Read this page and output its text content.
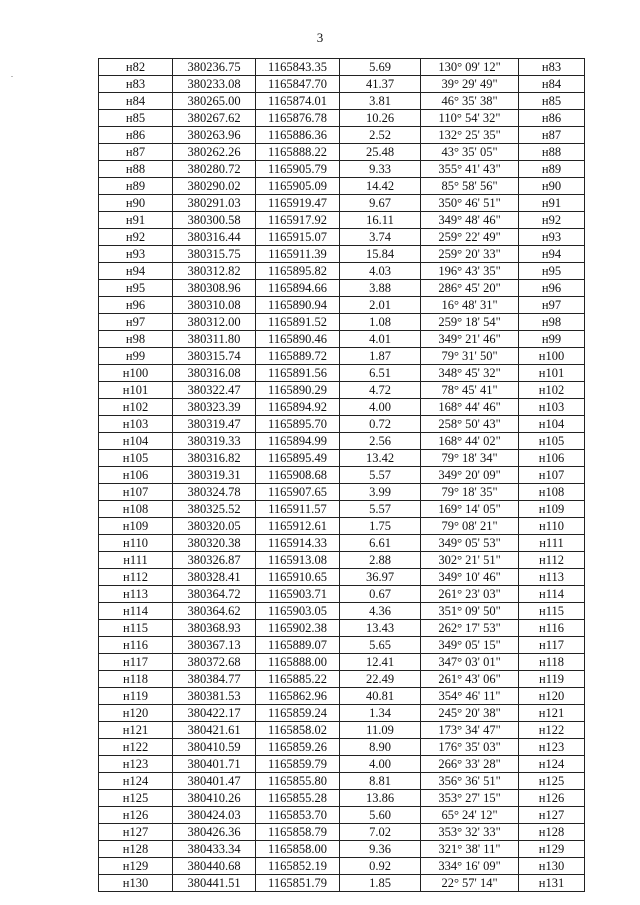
3
н82	380236.75	1165843.35	5.69	130° 09' 12"	н83
н83	380233.08	1165847.70	41.37	39° 29' 49"	н84
н84	380265.00	1165874.01	3.81	46° 35' 38"	н85
н85	380267.62	1165876.78	10.26	110° 54' 32"	н86
н86	380263.96	1165886.36	2.52	132° 25' 35"	н87
н87	380262.26	1165888.22	25.48	43° 35' 05"	н88
н88	380280.72	1165905.79	9.33	355° 41' 43"	н89
н89	380290.02	1165905.09	14.42	85° 58' 56"	н90
н90	380291.03	1165919.47	9.67	350° 46' 51"	н91
н91	380300.58	1165917.92	16.11	349° 48' 46"	н92
н92	380316.44	1165915.07	3.74	259° 22' 49"	н93
н93	380315.75	1165911.39	15.84	259° 20' 33"	н94
н94	380312.82	1165895.82	4.03	196° 43' 35"	н95
н95	380308.96	1165894.66	3.88	286° 45' 20"	н96
н96	380310.08	1165890.94	2.01	16° 48' 31"	н97
н97	380312.00	1165891.52	1.08	259° 18' 54"	н98
н98	380311.80	1165890.46	4.01	349° 21' 46"	н99
н99	380315.74	1165889.72	1.87	79° 31' 50"	н100
н100	380316.08	1165891.56	6.51	348° 45' 32"	н101
н101	380322.47	1165890.29	4.72	78° 45' 41"	н102
н102	380323.39	1165894.92	4.00	168° 44' 46"	н103
н103	380319.47	1165895.70	0.72	258° 50' 43"	н104
н104	380319.33	1165894.99	2.56	168° 44' 02"	н105
н105	380316.82	1165895.49	13.42	79° 18' 34"	н106
н106	380319.31	1165908.68	5.57	349° 20' 09"	н107
н107	380324.78	1165907.65	3.99	79° 18' 35"	н108
н108	380325.52	1165911.57	5.57	169° 14' 05"	н109
н109	380320.05	1165912.61	1.75	79° 08' 21"	н110
н110	380320.38	1165914.33	6.61	349° 05' 53"	н111
н111	380326.87	1165913.08	2.88	302° 21' 51"	н112
н112	380328.41	1165910.65	36.97	349° 10' 46"	н113
н113	380364.72	1165903.71	0.67	261° 23' 03"	н114
н114	380364.62	1165903.05	4.36	351° 09' 50"	н115
н115	380368.93	1165902.38	13.43	262° 17' 53"	н116
н116	380367.13	1165889.07	5.65	349° 05' 15"	н117
н117	380372.68	1165888.00	12.41	347° 03' 01"	н118
н118	380384.77	1165885.22	22.49	261° 43' 06"	н119
н119	380381.53	1165862.96	40.81	354° 46' 11"	н120
н120	380422.17	1165859.24	1.34	245° 20' 38"	н121
н121	380421.61	1165858.02	11.09	173° 34' 47"	н122
н122	380410.59	1165859.26	8.90	176° 35' 03"	н123
н123	380401.71	1165859.79	4.00	266° 33' 28"	н124
н124	380401.47	1165855.80	8.81	356° 36' 51"	н125
н125	380410.26	1165855.28	13.86	353° 27' 15"	н126
н126	380424.03	1165853.70	5.60	65° 24' 12"	н127
н127	380426.36	1165858.79	7.02	353° 32' 33"	н128
н128	380433.34	1165858.00	9.36	321° 38' 11"	н129
н129	380440.68	1165852.19	0.92	334° 16' 09"	н130
н130	380441.51	1165851.79	1.85	22° 57' 14"	н131
